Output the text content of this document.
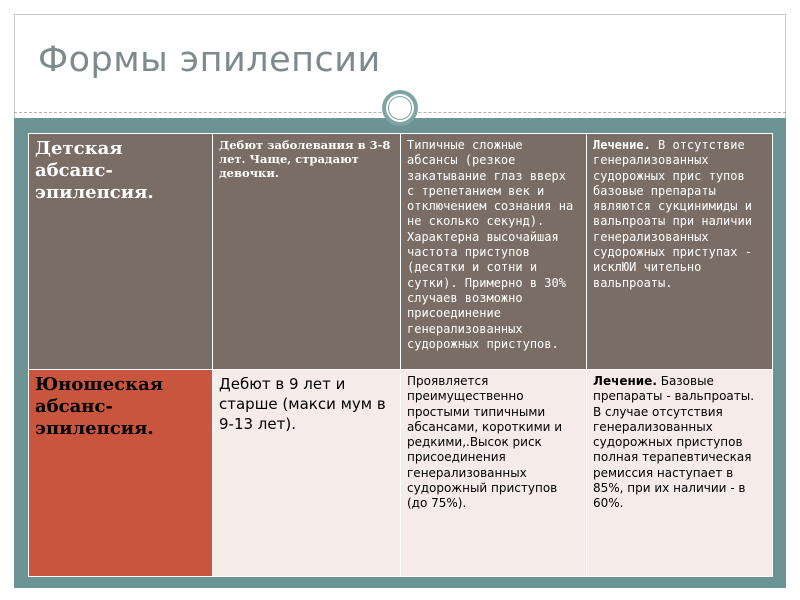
Формы эпилепсии
Детская абсанс-эпилепсия.	Дебют заболевания в 3-8 лет. Чаще, страдают девочки.	Типичные сложные абсансы (резкое закатывание глаз вверх с трепетанием век и отключением сознания на не сколько секунд). Характерна высочайшая частота приступов (десятки и сотни и сутки). Примерно в 30% случаев возможно присоединение генерализованных судорожных приступов.	Лечение. В отсутствие генерализованных судорожных прис тупов базовые препараты являются сукцинимиды и вальпроаты при наличии генерализованных судорожных приступах - исклЮИ чительно вальпроаты.

Юношеская абсанс-эпилепсия.	Дебют в 9 лет и старше (макси мум в 9-13 лет).	Проявляется преимущественно простыми типичными абсансами, короткими и редкими,.Высок риск присоединения генерализованных судорожный приступов (до 75%).	Лечение. Базовые препараты - вальпроаты. В случае отсутствия генерализованных судорожных приступов полная терапевтическая ремиссия наступает в 85%, при их наличии - в 60%.
